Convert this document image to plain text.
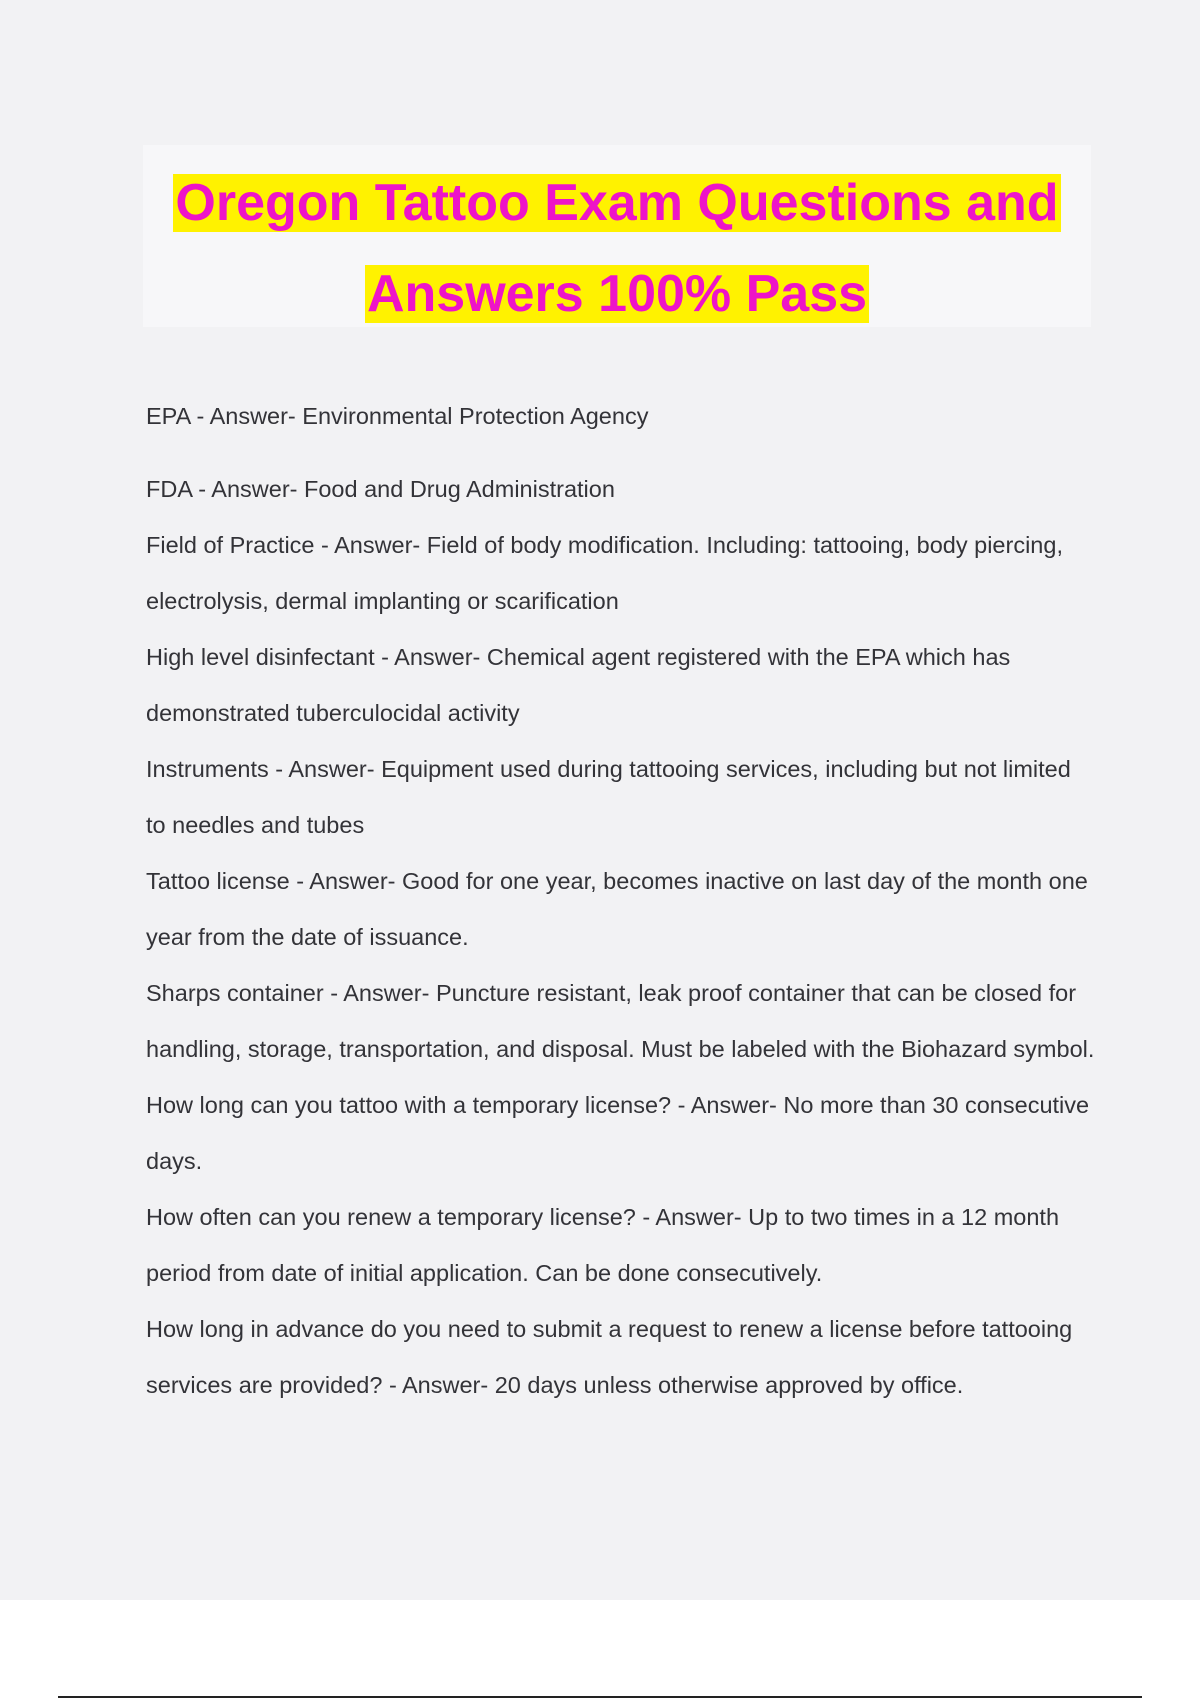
Oregon Tattoo Exam Questions and
Answers 100% Pass

EPA - Answer- Environmental Protection Agency

FDA - Answer- Food and Drug Administration

Field of Practice - Answer- Field of body modification. Including: tattooing, body piercing, electrolysis, dermal implanting or scarification

High level disinfectant - Answer- Chemical agent registered with the EPA which has demonstrated tuberculocidal activity

Instruments - Answer- Equipment used during tattooing services, including but not limited to needles and tubes

Tattoo license - Answer- Good for one year, becomes inactive on last day of the month one year from the date of issuance.

Sharps container - Answer- Puncture resistant, leak proof container that can be closed for handling, storage, transportation, and disposal. Must be labeled with the Biohazard symbol.

How long can you tattoo with a temporary license? - Answer- No more than 30 consecutive days.

How often can you renew a temporary license? - Answer- Up to two times in a 12 month period from date of initial application. Can be done consecutively.

How long in advance do you need to submit a request to renew a license before tattooing services are provided? - Answer- 20 days unless otherwise approved by office.
